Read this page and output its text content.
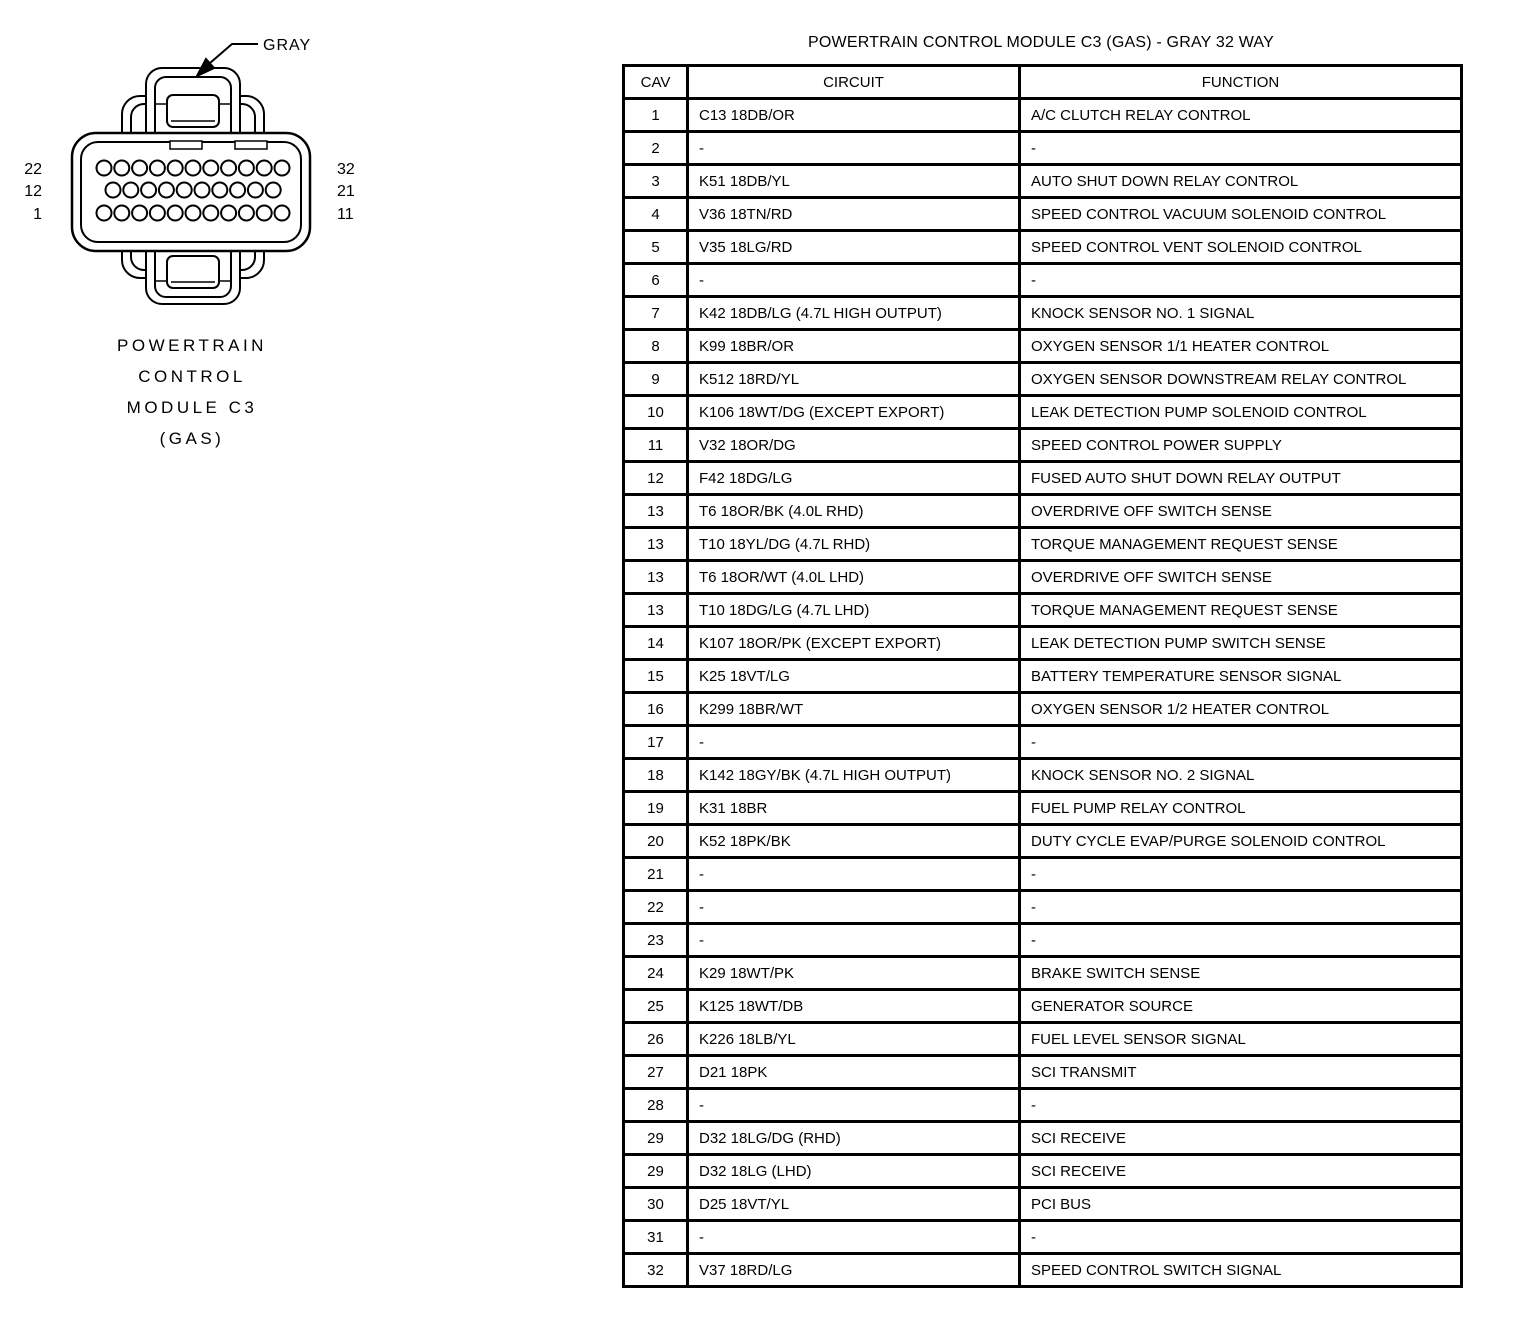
GRAY
22
12
1
32
21
11
POWERTRAIN
CONTROL
MODULE C3
(GAS)
POWERTRAIN CONTROL MODULE C3 (GAS) - GRAY 32 WAY
CAV	CIRCUIT	FUNCTION
1	C13 18DB/OR	A/C CLUTCH RELAY CONTROL
2	-	-
3	K51 18DB/YL	AUTO SHUT DOWN RELAY CONTROL
4	V36 18TN/RD	SPEED CONTROL VACUUM SOLENOID CONTROL
5	V35 18LG/RD	SPEED CONTROL VENT SOLENOID CONTROL
6	-	-
7	K42 18DB/LG (4.7L HIGH OUTPUT)	KNOCK SENSOR NO. 1 SIGNAL
8	K99 18BR/OR	OXYGEN SENSOR 1/1 HEATER CONTROL
9	K512 18RD/YL	OXYGEN SENSOR DOWNSTREAM RELAY CONTROL
10	K106 18WT/DG (EXCEPT EXPORT)	LEAK DETECTION PUMP SOLENOID CONTROL
11	V32 18OR/DG	SPEED CONTROL POWER SUPPLY
12	F42 18DG/LG	FUSED AUTO SHUT DOWN RELAY OUTPUT
13	T6 18OR/BK (4.0L RHD)	OVERDRIVE OFF SWITCH SENSE
13	T10 18YL/DG (4.7L RHD)	TORQUE MANAGEMENT REQUEST SENSE
13	T6 18OR/WT (4.0L LHD)	OVERDRIVE OFF SWITCH SENSE
13	T10 18DG/LG (4.7L LHD)	TORQUE MANAGEMENT REQUEST SENSE
14	K107 18OR/PK (EXCEPT EXPORT)	LEAK DETECTION PUMP SWITCH SENSE
15	K25 18VT/LG	BATTERY TEMPERATURE SENSOR SIGNAL
16	K299 18BR/WT	OXYGEN SENSOR 1/2 HEATER CONTROL
17	-	-
18	K142 18GY/BK (4.7L HIGH OUTPUT)	KNOCK SENSOR NO. 2 SIGNAL
19	K31 18BR	FUEL PUMP RELAY CONTROL
20	K52 18PK/BK	DUTY CYCLE EVAP/PURGE SOLENOID CONTROL
21	-	-
22	-	-
23	-	-
24	K29 18WT/PK	BRAKE SWITCH SENSE
25	K125 18WT/DB	GENERATOR SOURCE
26	K226 18LB/YL	FUEL LEVEL SENSOR SIGNAL
27	D21 18PK	SCI TRANSMIT
28	-	-
29	D32 18LG/DG (RHD)	SCI RECEIVE
29	D32 18LG (LHD)	SCI RECEIVE
30	D25 18VT/YL	PCI BUS
31	-	-
32	V37 18RD/LG	SPEED CONTROL SWITCH SIGNAL
